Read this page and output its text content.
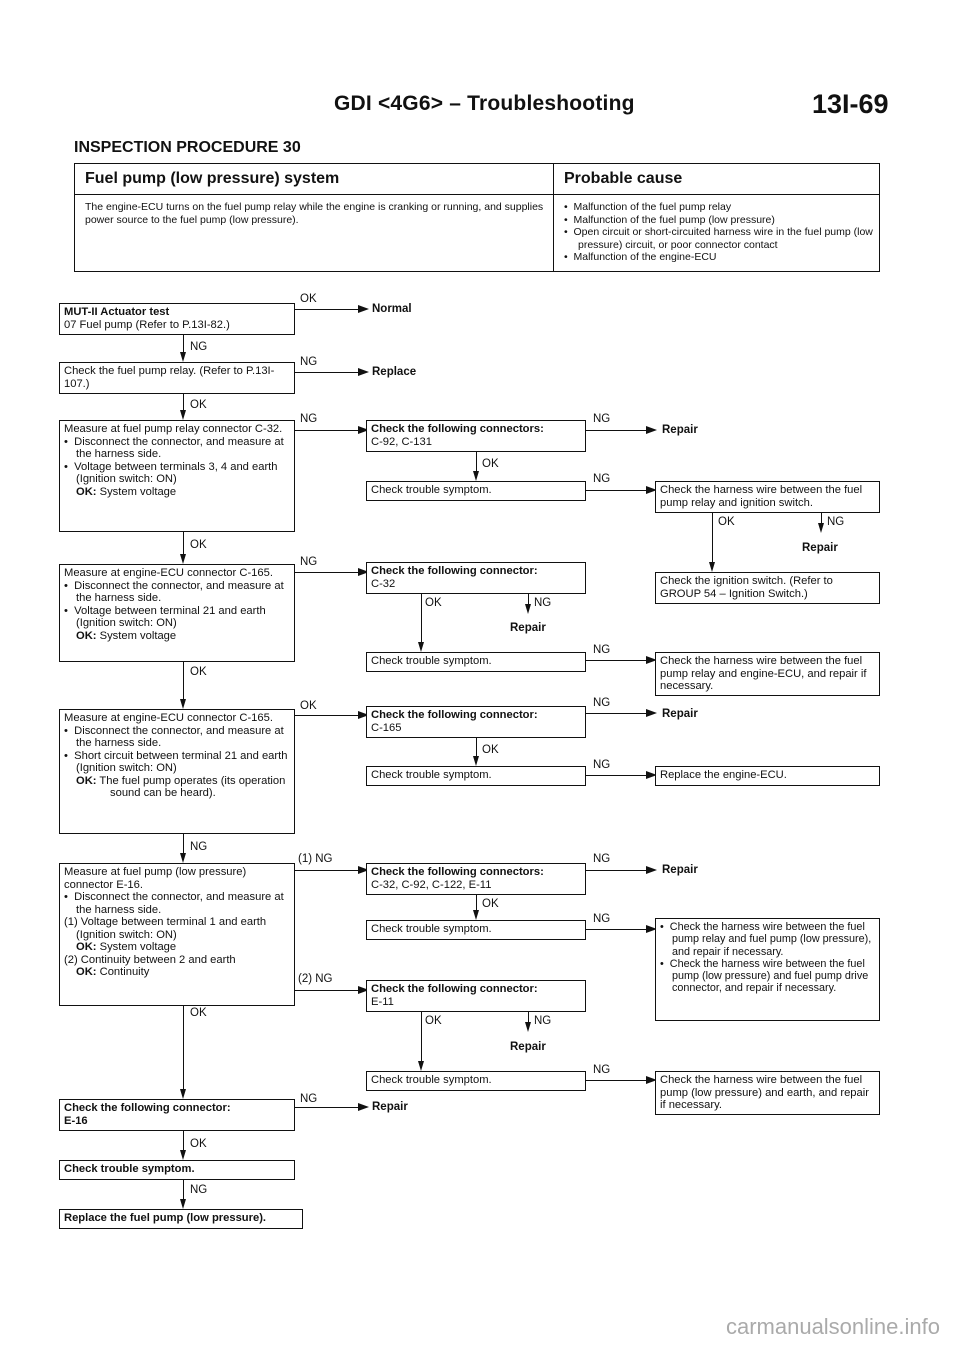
GDI <4G6> – Troubleshooting	13I-69
INSPECTION PROCEDURE 30
Fuel pump (low pressure) system	Probable cause
The engine-ECU turns on the fuel pump relay while the engine is cranking or running, and supplies power source to the fuel pump (low pressure).
•  Malfunction of the fuel pump relay
•  Malfunction of the fuel pump (low pressure)
•  Open circuit or short-circuited harness wire in the fuel pump (low pressure) circuit, or poor connector contact
•  Malfunction of the engine-ECU
MUT-II Actuator test
07 Fuel pump (Refer to P.13I-82.)
Check the fuel pump relay. (Refer to P.13I-107.)
Measure at fuel pump relay connector C-32.
•  Disconnect the connector, and measure at the harness side.
•  Voltage between terminals 3, 4 and earth
(Ignition switch: ON)
OK: System voltage
Measure at engine-ECU connector C-165.
•  Disconnect the connector, and measure at the harness side.
•  Voltage between terminal 21 and earth (Ignition switch: ON)
OK: System voltage
Measure at engine-ECU connector C-165.
•  Disconnect the connector, and measure at the harness side.
•  Short circuit between terminal 21 and earth (Ignition switch: ON)
OK: The fuel pump operates (its operation sound can be heard).
Measure at fuel pump (low pressure) connector E-16.
•  Disconnect the connector, and measure at the harness side.
(1) Voltage between terminal 1 and earth
(Ignition switch: ON)
OK: System voltage
(2) Continuity between 2 and earth
OK: Continuity
Check the following connector:
E-16
Check trouble symptom.
Replace the fuel pump (low pressure).
NG
OK
OK
OK
NG
OK
OK
NG
OK
Normal
NG
Replace
NG
NG
OK
(1) NG
(2) NG
NG
Repair
Check the following connectors:
C-92, C-131
Check trouble symptom.
Check the following connector:
C-32
Check trouble symptom.
Check the following connector:
C-165
Check trouble symptom.
Check the following connectors:
C-32, C-92, C-122, E-11
Check trouble symptom.
Check the following connector:
E-11
Check trouble symptom.
OK
OK	NG
Repair
OK
OK
OK	NG
Repair
NG
Repair
NG
NG
NG
Repair
NG
NG
Repair
NG
NG
Check the harness wire between the fuel pump relay and ignition switch.
OK	NG
Repair
Check the ignition switch. (Refer to GROUP 54 – Ignition Switch.)
Check the harness wire between the fuel pump relay and engine-ECU, and repair if necessary.
Replace the engine-ECU.
•  Check the harness wire between the fuel pump relay and fuel pump (low pressure), and repair if necessary.
•  Check the harness wire between the fuel pump (low pressure) and fuel pump drive connector, and repair if necessary.
Check the harness wire between the fuel pump (low pressure) and earth, and repair if necessary.
carmanualsonline.info
